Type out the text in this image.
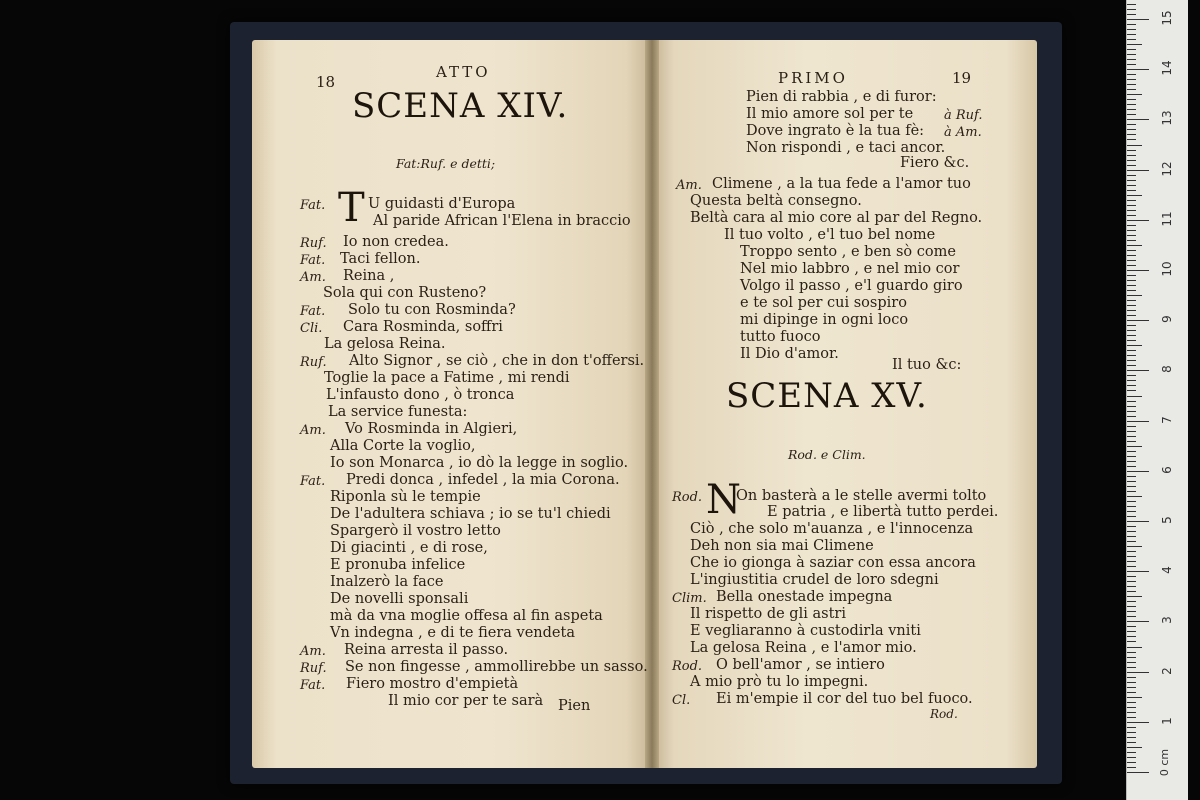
18
ATTO
SCENA XIV.
Fat:Ruf. e detti;
Fat. T U guidasti d'Europa
Al paride African l'Elena in braccio
Ruf. Io non credea.
Fat. Taci fellon.
Am. Reina ,
Sola qui con Rusteno?
Fat. Solo tu con Rosminda?
Cli. Cara Rosminda, soffri
La gelosa Reina.
Ruf. Alto Signor , se ciò , che in don t'offersi.
Toglie la pace a Fatime , mi rendi
L'infausto dono , ò tronca
La service funesta:
Am. Vo Rosminda in Algieri,
Alla Corte la voglio,
Io son Monarca , io dò la legge in soglio.
Fat. Predi donca , infedel , la mia Corona.
Riponla sù le tempie
De l'adultera schiava ; io se tu'l chiedi
Spargerò il vostro letto
Di giacinti , e di rose,
E pronuba infelice
Inalzerò la face
De novelli sponsali
mà da vna moglie offesa al fin aspeta
Vn indegna , e di te fiera vendeta
Am. Reina arresta il passo.
Ruf. Se non fingesse , ammollirebbe un sasso.
Fat. Fiero mostro d'empietà
Il mio cor per te sarà Pien
PRIMO	19
Pien di rabbia , e di furor:
Il mio amore sol per te à Ruf.
Dove ingrato è la tua fè: à Am.
Non rispondi , e taci ancor.
Fiero &c.
Am. Climene , a la tua fede a l'amor tuo
Questa beltà consegno.
Beltà cara al mio core al par del Regno.
Il tuo volto , e'l tuo bel nome
Troppo sento , e ben sò come
Nel mio labbro , e nel mio cor
Volgo il passo , e'l guardo giro
e te sol per cui sospiro
mi dipinge in ogni loco
tutto fuoco
Il Dio d'amor.
Il tuo &c:
SCENA XV.
Rod. e Clim.
Rod. N
On basterà a le stelle avermi tolto
E patria , e libertà tutto perdei.
Ciò , che solo m'auanza , e l'innocenza
Deh non sia mai Climene
Che io gionga à saziar con essa ancora
L'ingiustitia crudel de loro sdegni
Clim. Bella onestade impegna
Il rispetto de gli astri
E vegliaranno à custodirla vniti
La gelosa Reina , e l'amor mio.
Rod. O bell'amor , se intiero
A mio prò tu lo impegni.
Cl. Ei m'empie il cor del tuo bel fuoco.
Rod.	1
2
3
4
5
6
7
8
9
10
11
12
13
14
15
0 cm
